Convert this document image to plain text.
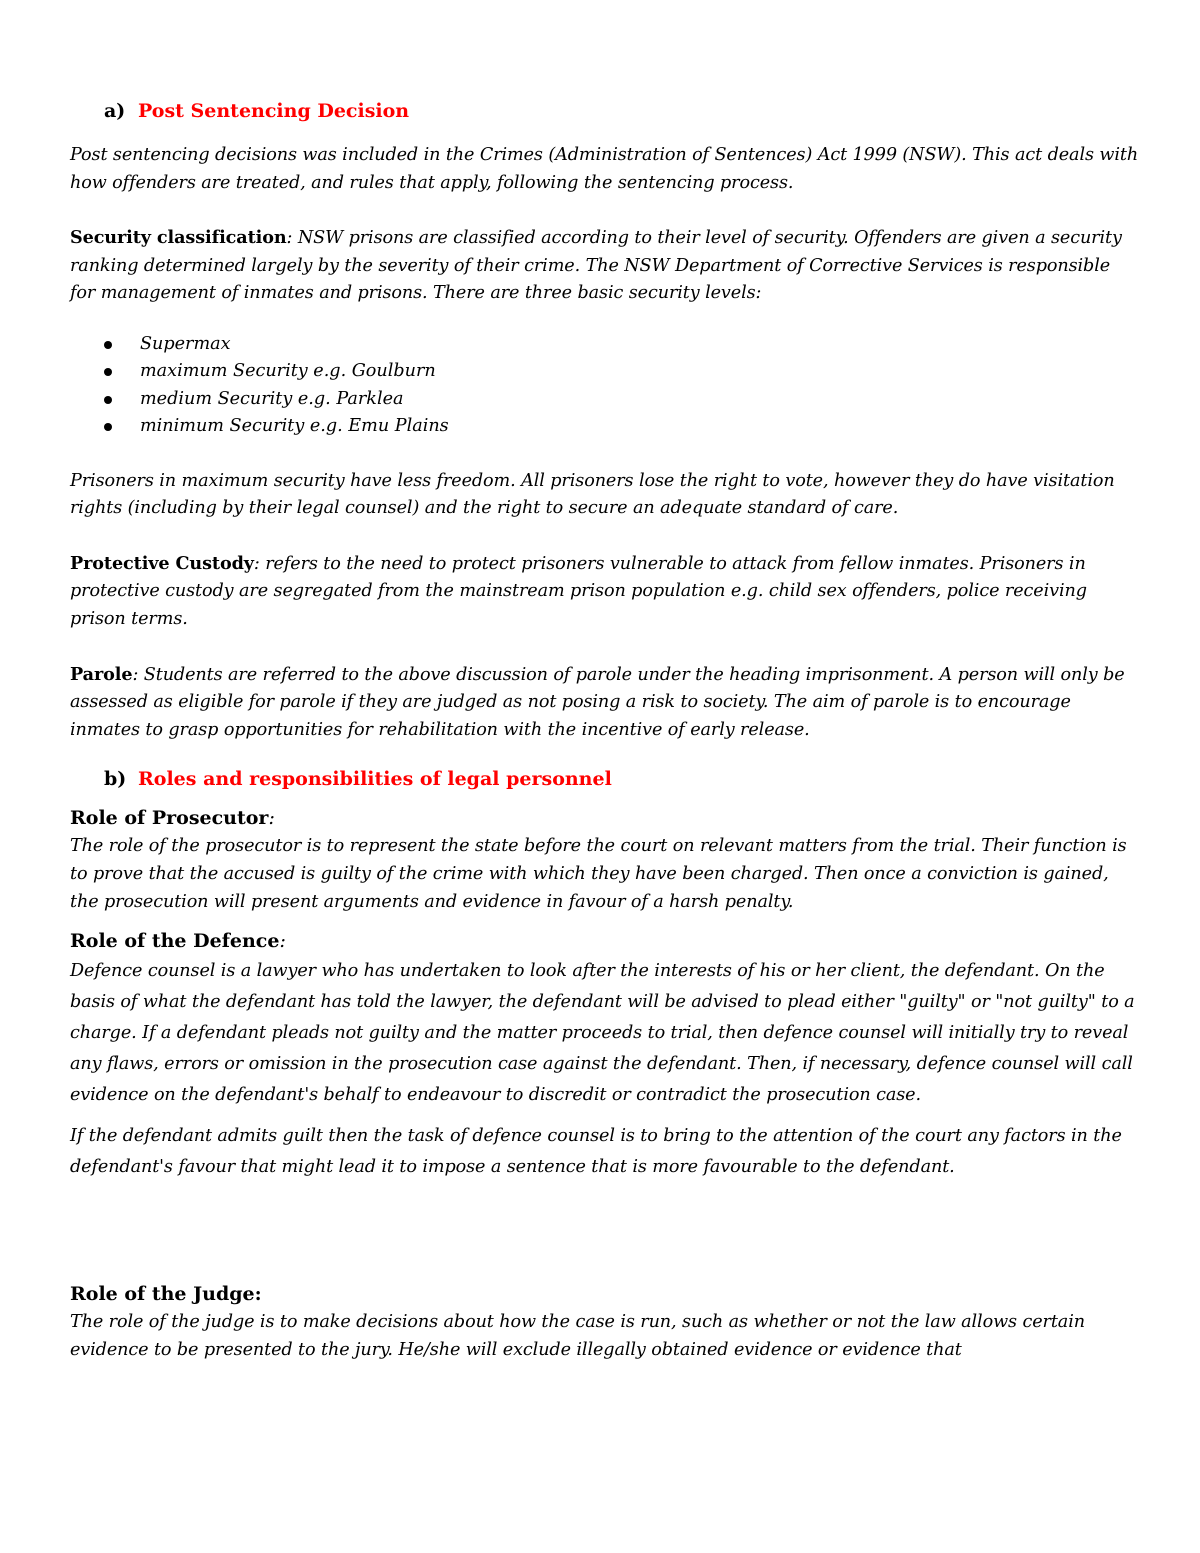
a) Post Sentencing Decision

Post sentencing decisions was included in the Crimes (Administration of Sentences) Act 1999 (NSW). This act deals with how offenders are treated, and rules that apply, following the sentencing process.

Security classification: NSW prisons are classified according to their level of security. Offenders are given a security ranking determined largely by the severity of their crime. The NSW Department of Corrective Services is responsible for management of inmates and prisons. There are three basic security levels:

Supermax
maximum Security e.g. Goulburn
medium Security e.g. Parklea
minimum Security e.g. Emu Plains

Prisoners in maximum security have less freedom. All prisoners lose the right to vote, however they do have visitation rights (including by their legal counsel) and the right to secure an adequate standard of care.

Protective Custody: refers to the need to protect prisoners vulnerable to attack from fellow inmates. Prisoners in protective custody are segregated from the mainstream prison population e.g. child sex offenders, police receiving prison terms.

Parole: Students are referred to the above discussion of parole under the heading imprisonment. A person will only be assessed as eligible for parole if they are judged as not posing a risk to society. The aim of parole is to encourage inmates to grasp opportunities for rehabilitation with the incentive of early release.

b) Roles and responsibilities of legal personnel
Role of Prosecutor:

The role of the prosecutor is to represent the state before the court on relevant matters from the trial. Their function is to prove that the accused is guilty of the crime with which they have been charged. Then once a conviction is gained, the prosecution will present arguments and evidence in favour of a harsh penalty.

Role of the Defence:

Defence counsel is a lawyer who has undertaken to look after the interests of his or her client, the defendant. On the basis of what the defendant has told the lawyer, the defendant will be advised to plead either "guilty" or "not guilty" to a charge. If a defendant pleads not guilty and the matter proceeds to trial, then defence counsel will initially try to reveal any flaws, errors or omission in the prosecution case against the defendant. Then, if necessary, defence counsel will call evidence on the defendant's behalf to endeavour to discredit or contradict the prosecution case.

If the defendant admits guilt then the task of defence counsel is to bring to the attention of the court any factors in the defendant's favour that might lead it to impose a sentence that is more favourable to the defendant.

Role of the Judge:

The role of the judge is to make decisions about how the case is run, such as whether or not the law allows certain evidence to be presented to the jury. He/she will exclude illegally obtained evidence or evidence that
